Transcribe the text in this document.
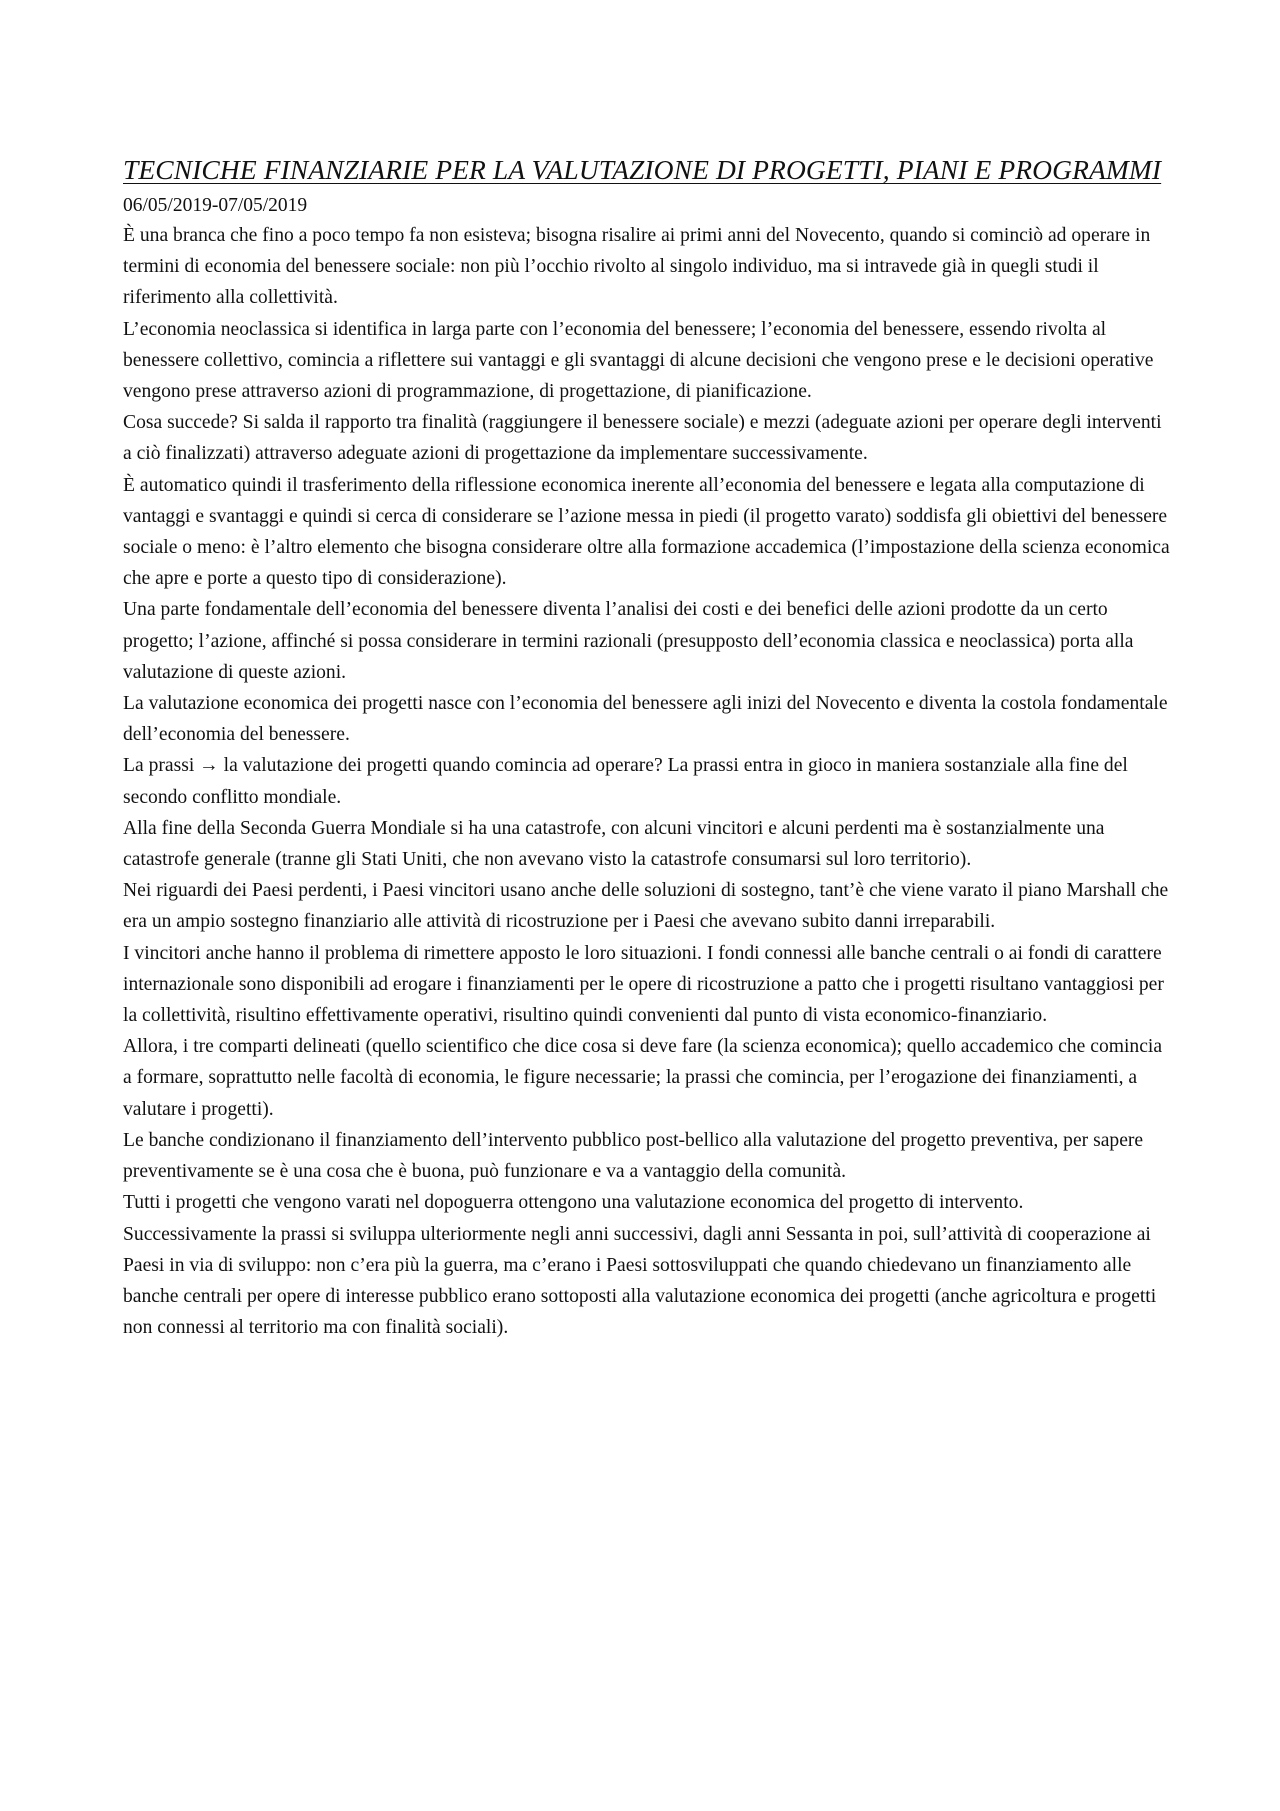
TECNICHE FINANZIARIE PER LA VALUTAZIONE DI PROGETTI, PIANI E PROGRAMMI

06/05/2019-07/05/2019

È una branca che fino a poco tempo fa non esisteva; bisogna risalire ai primi anni del Novecento, quando si cominciò ad operare in termini di economia del benessere sociale: non più l’occhio rivolto al singolo individuo, ma si intravede già in quegli studi il riferimento alla collettività.

L’economia neoclassica si identifica in larga parte con l’economia del benessere; l’economia del benessere, essendo rivolta al benessere collettivo, comincia a riflettere sui vantaggi e gli svantaggi di alcune decisioni che vengono prese e le decisioni operative vengono prese attraverso azioni di programmazione, di progettazione, di pianificazione.

Cosa succede? Si salda il rapporto tra finalità (raggiungere il benessere sociale) e mezzi (adeguate azioni per operare degli interventi a ciò finalizzati) attraverso adeguate azioni di progettazione da implementare successivamente.

È automatico quindi il trasferimento della riflessione economica inerente all’economia del benessere e legata alla computazione di vantaggi e svantaggi e quindi si cerca di considerare se l’azione messa in piedi (il progetto varato) soddisfa gli obiettivi del benessere sociale o meno: è l’altro elemento che bisogna considerare oltre alla formazione accademica (l’impostazione della scienza economica che apre e porte a questo tipo di considerazione).

Una parte fondamentale dell’economia del benessere diventa l’analisi dei costi e dei benefici delle azioni prodotte da un certo progetto; l’azione, affinché si possa considerare in termini razionali (presupposto dell’economia classica e neoclassica) porta alla valutazione di queste azioni.

La valutazione economica dei progetti nasce con l’economia del benessere agli inizi del Novecento e diventa la costola fondamentale dell’economia del benessere.

La prassi → la valutazione dei progetti quando comincia ad operare? La prassi entra in gioco in maniera sostanziale alla fine del secondo conflitto mondiale.

Alla fine della Seconda Guerra Mondiale si ha una catastrofe, con alcuni vincitori e alcuni perdenti ma è sostanzialmente una catastrofe generale (tranne gli Stati Uniti, che non avevano visto la catastrofe consumarsi sul loro territorio).

Nei riguardi dei Paesi perdenti, i Paesi vincitori usano anche delle soluzioni di sostegno, tant’è che viene varato il piano Marshall che era un ampio sostegno finanziario alle attività di ricostruzione per i Paesi che avevano subito danni irreparabili.

I vincitori anche hanno il problema di rimettere apposto le loro situazioni. I fondi connessi alle banche centrali o ai fondi di carattere internazionale sono disponibili ad erogare i finanziamenti per le opere di ricostruzione a patto che i progetti risultano vantaggiosi per la collettività, risultino effettivamente operativi, risultino quindi convenienti dal punto di vista economico-finanziario.

Allora, i tre comparti delineati (quello scientifico che dice cosa si deve fare (la scienza economica); quello accademico che comincia a formare, soprattutto nelle facoltà di economia, le figure necessarie; la prassi che comincia, per l’erogazione dei finanziamenti, a valutare i progetti).

Le banche condizionano il finanziamento dell’intervento pubblico post-bellico alla valutazione del progetto preventiva, per sapere preventivamente se è una cosa che è buona, può funzionare e va a vantaggio della comunità.

Tutti i progetti che vengono varati nel dopoguerra ottengono una valutazione economica del progetto di intervento.

Successivamente la prassi si sviluppa ulteriormente negli anni successivi, dagli anni Sessanta in poi, sull’attività di cooperazione ai Paesi in via di sviluppo: non c’era più la guerra, ma c’erano i Paesi sottosviluppati che quando chiedevano un finanziamento alle banche centrali per opere di interesse pubblico erano sottoposti alla valutazione economica dei progetti (anche agricoltura e progetti non connessi al territorio ma con finalità sociali).
